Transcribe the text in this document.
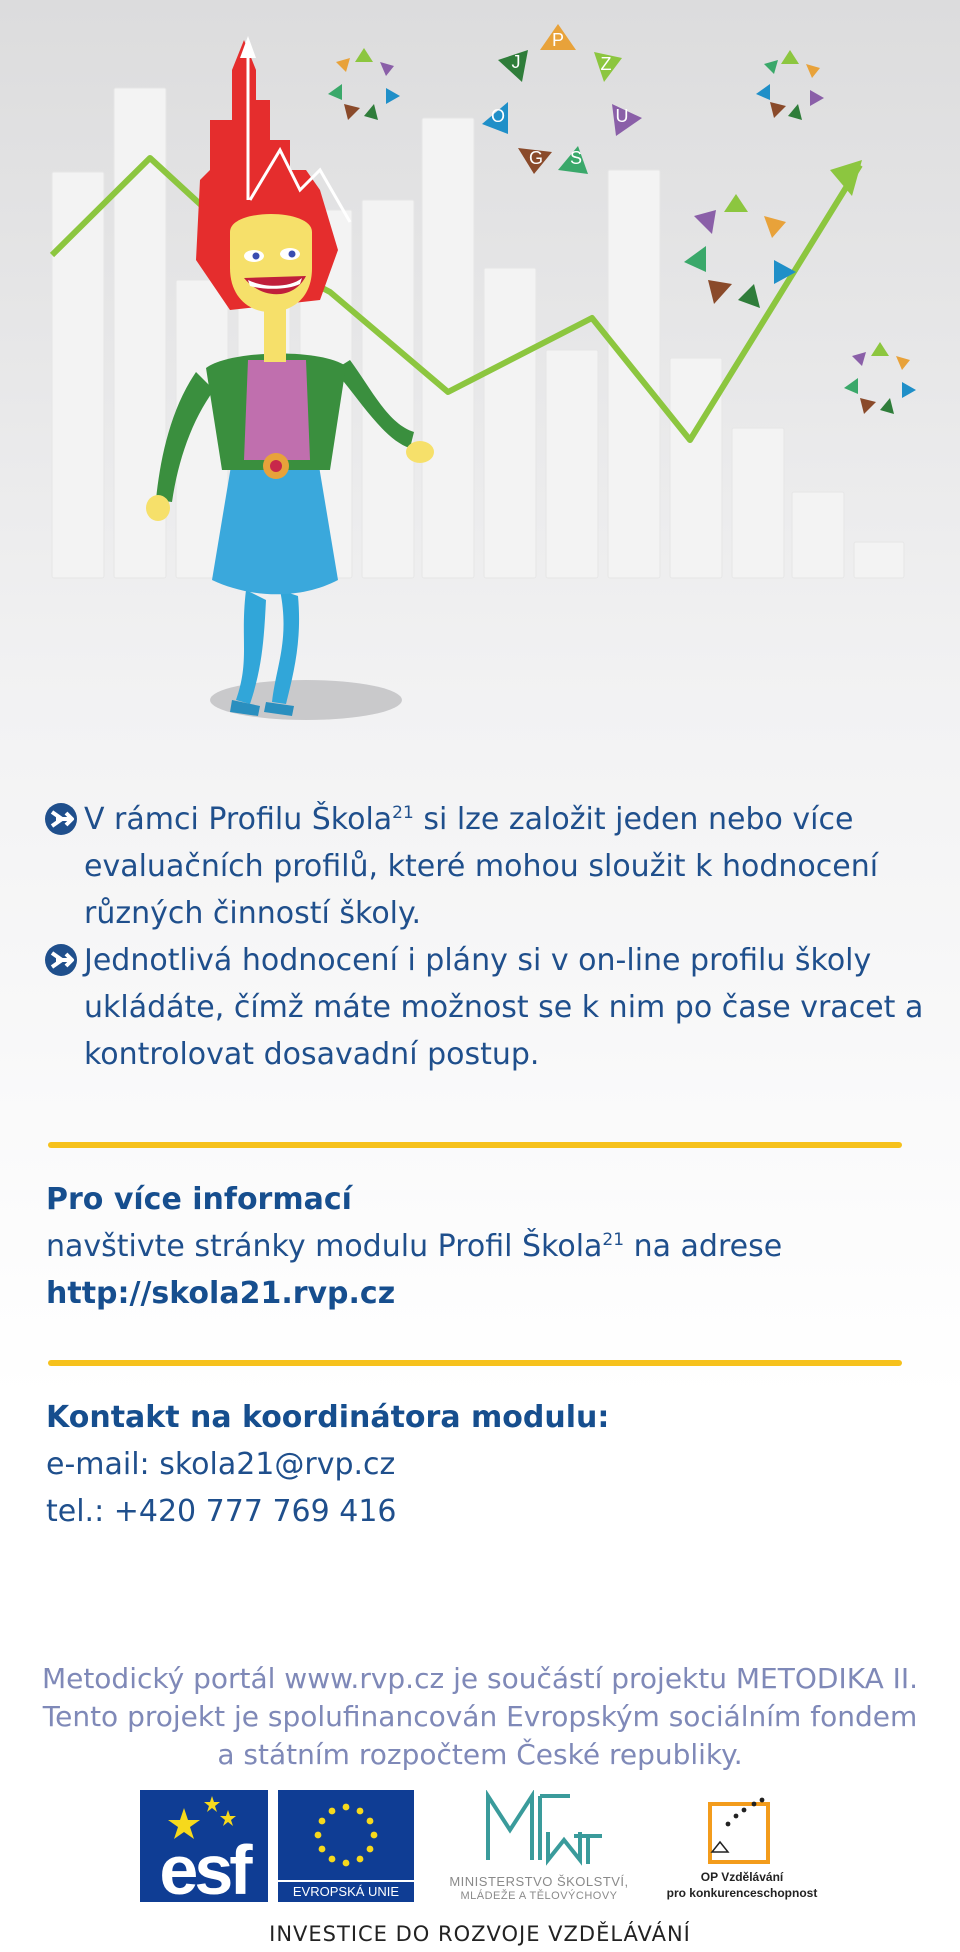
P
Z
U
S
G
O
J
V rámci Profilu Škola$^{21}$ si lze založit jeden nebo více evaluačních profilů, které mohou sloužit k hodnocení různých činností školy.
Jednotlivá hodnocení i plány si v on-line profilu školy ukládáte, čímž máte možnost se k nim po čase vracet a kontrolovat dosavadní postup.
Pro více informací
navštivte stránky modulu Profil Škola$^{21}$ na adrese
http://skola21.rvp.cz
Kontakt na koordinátora modulu:
e-mail: skola21@rvp.cz
tel.: +420 777 769 416
Metodický portál www.rvp.cz je součástí projektu METODIKA II.
Tento projekt je spolufinancován Evropským sociálním fondem
a státním rozpočtem České republiky.
esf	EVROPSKÁ UNIE
MINISTERSTVO ŠKOLSTVÍ,
MLÁDEŽE A TĚLOVÝCHOVY
OP Vzdělávání
pro konkurenceschopnost
INVESTICE DO ROZVOJE VZDĚLÁVÁNÍ
